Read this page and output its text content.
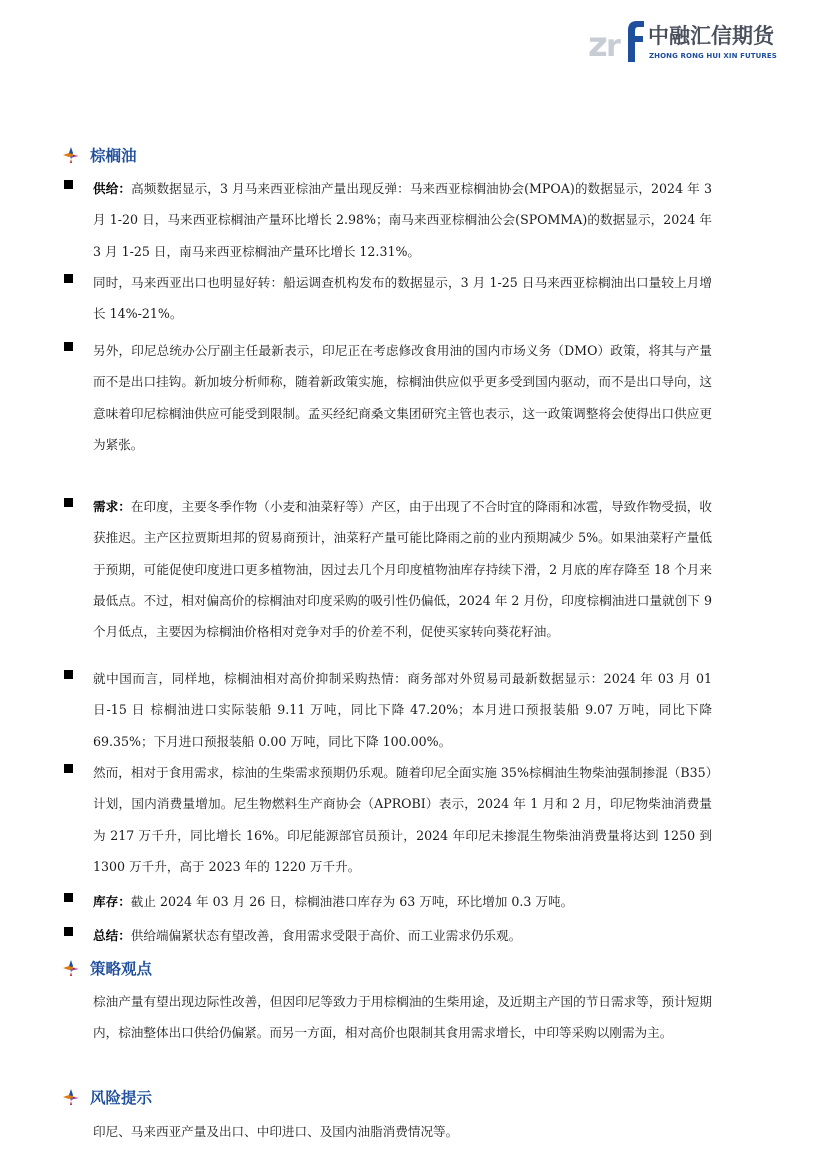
z
r 中融汇信期货
ZHONG RONG HUI XIN FUTURES
棕榈油
供给：高频数据显示，3 月马来西亚棕油产量出现反弹：马来西亚棕榈油协会(MPOA)的数据显示，2024 年 3 月 1-20 日，马来西亚棕榈油产量环比增长 2.98%；南马来西亚棕榈油公会(SPOMMA)的数据显示，2024 年 3 月 1-25 日，南马来西亚棕榈油产量环比增长 12.31%。
同时，马来西亚出口也明显好转：船运调查机构发布的数据显示，3 月 1-25 日马来西亚棕榈油出口量较上月增长 14%-21%。
另外，印尼总统办公厅副主任最新表示，印尼正在考虑修改食用油的国内市场义务（DMO）政策，将其与产量而不是出口挂钩。新加坡分析师称，随着新政策实施，棕榈油供应似乎更多受到国内驱动，而不是出口导向，这意味着印尼棕榈油供应可能受到限制。孟买经纪商桑文集团研究主管也表示，这一政策调整将会使得出口供应更为紧张。
需求：在印度，主要冬季作物（小麦和油菜籽等）产区，由于出现了不合时宜的降雨和冰雹，导致作物受损，收获推迟。主产区拉贾斯坦邦的贸易商预计，油菜籽产量可能比降雨之前的业内预期减少 5%。如果油菜籽产量低于预期，可能促使印度进口更多植物油，因过去几个月印度植物油库存持续下滑，2 月底的库存降至 18 个月来最低点。不过，相对偏高价的棕榈油对印度采购的吸引性仍偏低，2024 年 2 月份，印度棕榈油进口量就创下 9 个月低点，主要因为棕榈油价格相对竞争对手的价差不利，促使买家转向葵花籽油。
就中国而言，同样地，棕榈油相对高价抑制采购热情：商务部对外贸易司最新数据显示：2024 年 03 月 01 日-15 日 棕榈油进口实际装船 9.11 万吨，同比下降 47.20%；本月进口预报装船 9.07 万吨，同比下降 69.35%；下月进口预报装船 0.00 万吨，同比下降 100.00%。
然而，相对于食用需求，棕油的生柴需求预期仍乐观。随着印尼全面实施 35%棕榈油生物柴油强制掺混（B35）计划，国内消费量增加。尼生物燃料生产商协会（APROBI）表示，2024 年 1 月和 2 月，印尼物柴油消费量为 217 万千升，同比增长 16%。印尼能源部官员预计，2024 年印尼未掺混生物柴油消费量将达到 1250 到 1300 万千升，高于 2023 年的 1220 万千升。
库存：截止 2024 年 03 月 26 日，棕榈油港口库存为 63 万吨，环比增加 0.3 万吨。
总结：供给端偏紧状态有望改善，食用需求受限于高价、而工业需求仍乐观。
策略观点
棕油产量有望出现边际性改善，但因印尼等致力于用棕榈油的生柴用途，及近期主产国的节日需求等，预计短期内，棕油整体出口供给仍偏紧。而另一方面，相对高价也限制其食用需求增长，中印等采购以刚需为主。
风险提示
印尼、马来西亚产量及出口、中印进口、及国内油脂消费情况等。
